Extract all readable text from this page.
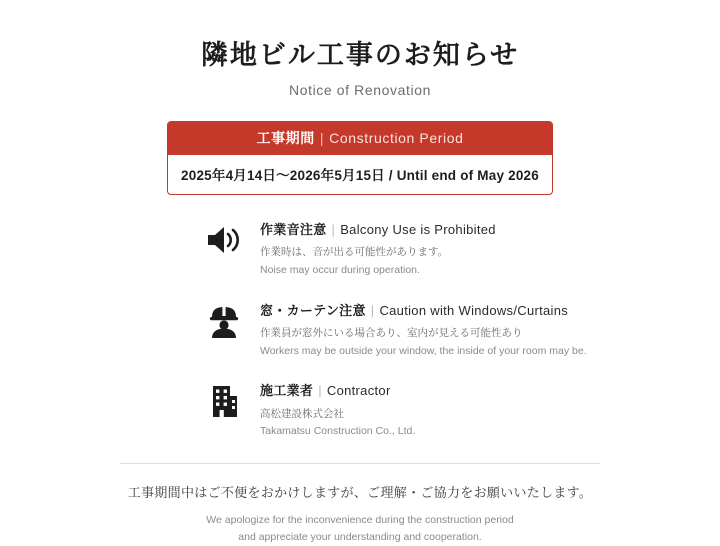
隣地ビル工事のお知らせ
Notice of Renovation
工事期間 | Construction Period
2025年4月14日〜2026年5月15日 / Until end of May 2026
作業音注意 | Balcony Use is Prohibited
作業時は、音が出る可能性があります。
Noise may occur during operation.
窓・カーテン注意 | Caution with Windows/Curtains
作業員が窓外にいる場合あり、室内が見える可能性あり
Workers may be outside your window, the inside of your room may be.
施工業者 | Contractor
高松建設株式会社
Takamatsu Construction Co., Ltd.
工事期間中はご不便をおかけしますが、ご理解・ご協力をお願いいたします。
We apologize for the inconvenience during the construction period
and appreciate your understanding and cooperation.
